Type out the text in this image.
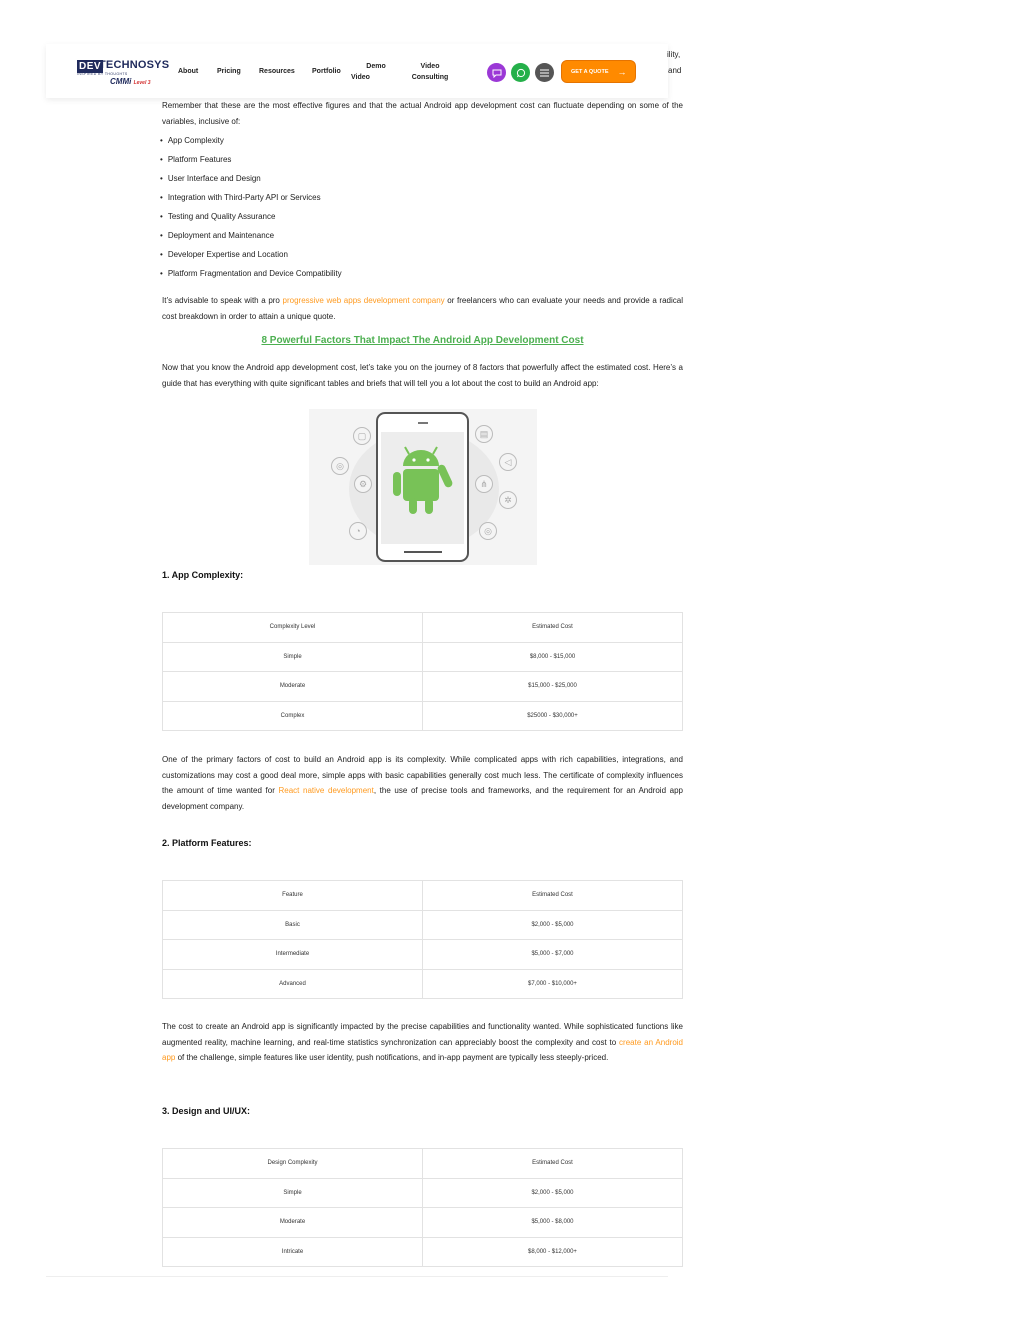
DEV
TECHNOSYS
INSPIRED BY THOUGHTS
CMMi Level 3
About	Pricing	Resources Portfolio
Demo
Video
Video
Consulting
GET A QUOTE →
ility,
and

Remember that these are the most effective figures and that the actual Android app development cost can fluctuate depending on some of the variables, inclusive of:

• App Complexity
• Platform Features
• User Interface and Design
• Integration with Third-Party API or Services
• Testing and Quality Assurance
• Deployment and Maintenance
• Developer Expertise and Location
• Platform Fragmentation and Device Compatibility

It’s advisable to speak with a pro progressive web apps development company or freelancers who can evaluate your needs and provide a radical cost breakdown in order to attain a unique quote.

8 Powerful Factors That Impact The Android App Development Cost

Now that you know the Android app development cost, let’s take you on the journey of 8 factors that powerfully affect the estimated cost. Here’s a guide that has everything with quite significant tables and briefs that will tell you a lot about the cost to build an Android app:

▢
◎
⚙
◔
▤
◁
⋔
✲
◎
1. App Complexity:
Complexity Level	Estimated Cost
Simple	$8,000 - $15,000
Moderate	$15,000 - $25,000
Complex	$25000 - $30,000+

One of the primary factors of cost to build an Android app is its complexity. While complicated apps with rich capabilities, integrations, and customizations may cost a good deal more, simple apps with basic capabilities generally cost much less. The certificate of complexity influences the amount of time wanted for React native development, the use of precise tools and frameworks, and the requirement for an Android app development company.

2. Platform Features:
Feature	Estimated Cost
Basic	$2,000 - $5,000
Intermediate	$5,000 - $7,000
Advanced	$7,000 - $10,000+

The cost to create an Android app is significantly impacted by the precise capabilities and functionality wanted. While sophisticated functions like augmented reality, machine learning, and real-time statistics synchronization can appreciably boost the complexity and cost to create an Android app of the challenge, simple features like user identity, push notifications, and in-app payment are typically less steeply-priced.

3. Design and UI/UX:
Design Complexity	Estimated Cost
Simple	$2,000 - $5,000
Moderate	$5,000 - $8,000
Intricate	$8,000 - $12,000+
